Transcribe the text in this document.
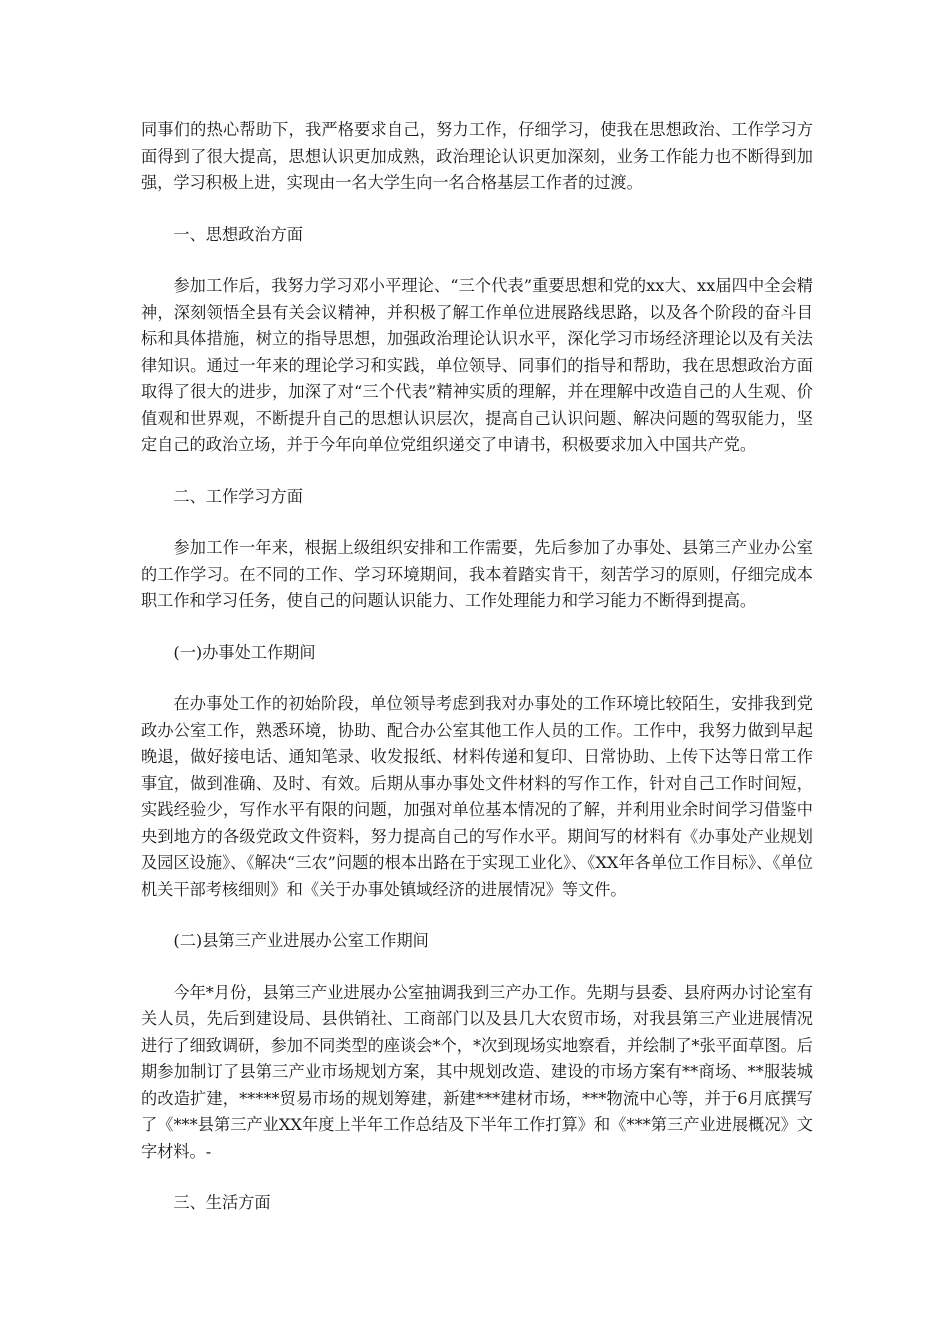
同事们的热心帮助下，我严格要求自己，努力工作，仔细学习，使我在思想政治、工作学习方面得到了很大提高，思想认识更加成熟，政治理论认识更加深刻，业务工作能力也不断得到加强，学习积极上进，实现由一名大学生向一名合格基层工作者的过渡。

一、思想政治方面

参加工作后，我努力学习邓小平理论、“三个代表”重要思想和党的xx大、xx届四中全会精神，深刻领悟全县有关会议精神，并积极了解工作单位进展路线思路，以及各个阶段的奋斗目标和具体措施，树立的指导思想，加强政治理论认识水平，深化学习市场经济理论以及有关法律知识。通过一年来的理论学习和实践，单位领导、同事们的指导和帮助，我在思想政治方面取得了很大的进步，加深了对“三个代表”精神实质的理解，并在理解中改造自己的人生观、价值观和世界观，不断提升自己的思想认识层次，提高自己认识问题、解决问题的驾驭能力，坚定自己的政治立场，并于今年向单位党组织递交了申请书，积极要求加入中国共产党。

二、工作学习方面

参加工作一年来，根据上级组织安排和工作需要，先后参加了办事处、县第三产业办公室的工作学习。在不同的工作、学习环境期间，我本着踏实肯干，刻苦学习的原则，仔细完成本职工作和学习任务，使自己的问题认识能力、工作处理能力和学习能力不断得到提高。

(一)办事处工作期间

在办事处工作的初始阶段，单位领导考虑到我对办事处的工作环境比较陌生，安排我到党政办公室工作，熟悉环境，协助、配合办公室其他工作人员的工作。工作中，我努力做到早起晚退，做好接电话、通知笔录、收发报纸、材料传递和复印、日常协助、上传下达等日常工作事宜，做到准确、及时、有效。后期从事办事处文件材料的写作工作，针对自己工作时间短，实践经验少，写作水平有限的问题，加强对单位基本情况的了解，并利用业余时间学习借鉴中央到地方的各级党政文件资料，努力提高自己的写作水平。期间写的材料有《办事处产业规划及园区设施》、《解决“三农”问题的根本出路在于实现工业化》、《XX年各单位工作目标》、《单位机关干部考核细则》和《关于办事处镇域经济的进展情况》等文件。

(二)县第三产业进展办公室工作期间

今年*月份，县第三产业进展办公室抽调我到三产办工作。先期与县委、县府两办讨论室有关人员，先后到建设局、县供销社、工商部门以及县几大农贸市场，对我县第三产业进展情况进行了细致调研，参加不同类型的座谈会*个，*次到现场实地察看，并绘制了*张平面草图。后期参加制订了县第三产业市场规划方案，其中规划改造、建设的市场方案有**商场、**服装城的改造扩建，*****贸易市场的规划筹建，新建***建材市场，***物流中心等，并于6月底撰写了《***县第三产业XX年度上半年工作总结及下半年工作打算》和《***第三产业进展概况》文字材料。-

三、生活方面
